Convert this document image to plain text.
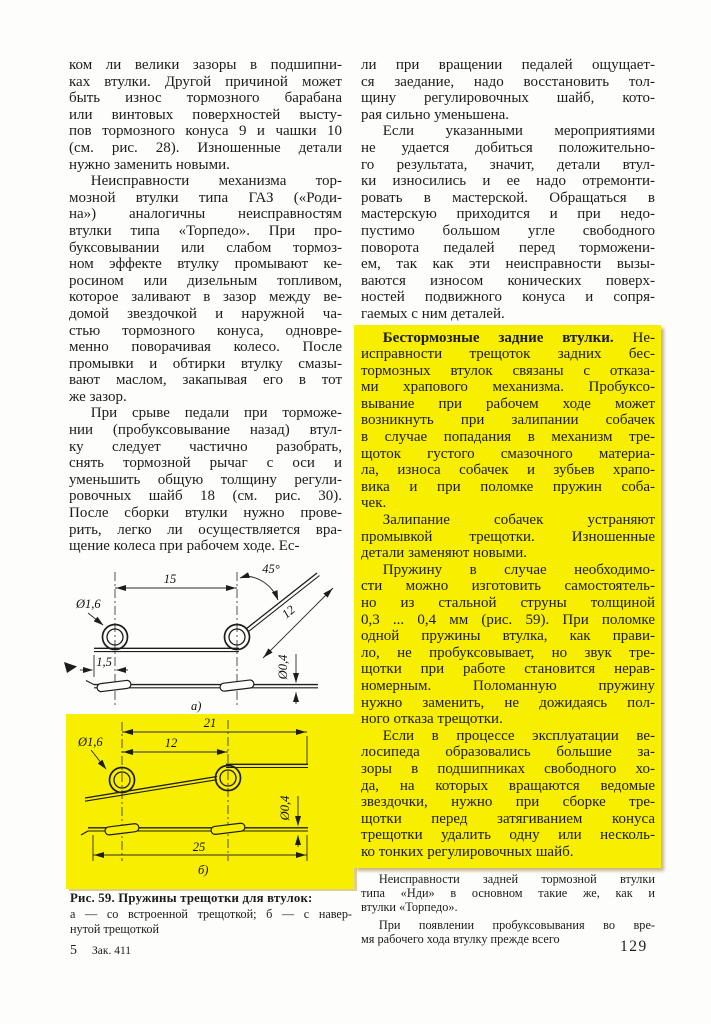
ком ли велики зазоры в подшипни-
ках втулки. Другой причиной может
быть износ тормозного барабана
или винтовых поверхностей высту-
пов тормозного конуса 9 и чашки 10
(см. рис. 28). Изношенные детали
нужно заменить новыми.
Неисправности механизма тор-
мозной втулки типа ГАЗ («Роди-
на») аналогичны неисправностям
втулки типа «Торпедо». При про-
буксовывании или слабом тормоз-
ном эффекте втулку промывают ке-
росином или дизельным топливом,
которое заливают в зазор между ве-
домой звездочкой и наружной ча-
стью тормозного конуса, одновре-
менно поворачивая колесо. После
промывки и обтирки втулку смазы-
вают маслом, закапывая его в тот
же зазор.
При срыве педали при торможе-
нии (пробуксовывание назад) втул-
ку следует частично разобрать,
снять тормозной рычаг с оси и
уменьшить общую толщину регули-
ровочных шайб 18 (см. рис. 30).
После сборки втулки нужно прове-
рить, легко ли осуществляется вра-
щение колеса при рабочем ходе. Ес-
15
45°
12
Ø1,6
1,5	Ø0,4
а)
21
12
Ø1,6
Ø0,4
25
б)
Рис. 59. Пружины трещотки для втулок:
а — со встроенной трещоткой; б — с навер-
нутой трещоткой
5 Зак. 411
ли при вращении педалей ощущает-
ся заедание, надо восстановить тол-
щину регулировочных шайб, кото-
рая сильно уменьшена.
Если указанными мероприятиями
не удается добиться положительно-
го результата, значит, детали втул-
ки износились и ее надо отремонти-
ровать в мастерской. Обращаться в
мастерскую приходится и при недо-
пустимо большом угле свободного
поворота педалей перед торможени-
ем, так как эти неисправности вызы-
ваются износом конических поверх-
ностей подвижного конуса и сопря-
гаемых с ним деталей.
Бестормозные задние втулки. Не-
исправности трещоток задних бес-
тормозных втулок связаны с отказа-
ми храпового механизма. Пробуксо-
вывание при рабочем ходе может
возникнуть при залипании собачек
в случае попадания в механизм тре-
щоток густого смазочного материа-
ла, износа собачек и зубьев храпо-
вика и при поломке пружин соба-
чек.
Залипание собачек устраняют
промывкой трещотки. Изношенные
детали заменяют новыми.
Пружину в случае необходимо-
сти можно изготовить самостоятель-
но из стальной струны толщиной
0,3 ... 0,4 мм (рис. 59). При поломке
одной пружины втулка, как прави-
ло, не пробуксовывает, но звук тре-
щотки при работе становится нерав-
номерным. Поломанную пружину
нужно заменить, не дожидаясь пол-
ного отказа трещотки.
Если в процессе эксплуатации ве-
лосипеда образовались большие за-
зоры в подшипниках свободного хо-
да, на которых вращаются ведомые
звездочки, нужно при сборке тре-
щотки перед затягиванием конуса
трещотки удалить одну или несколь-
ко тонких регулировочных шайб.
Неисправности задней тормозной втулки
типа «Нди» в основном такие же, как и
втулки «Торпедо».
При появлении пробуксовывания во вре-
мя рабочего хода втулку прежде всего	129
